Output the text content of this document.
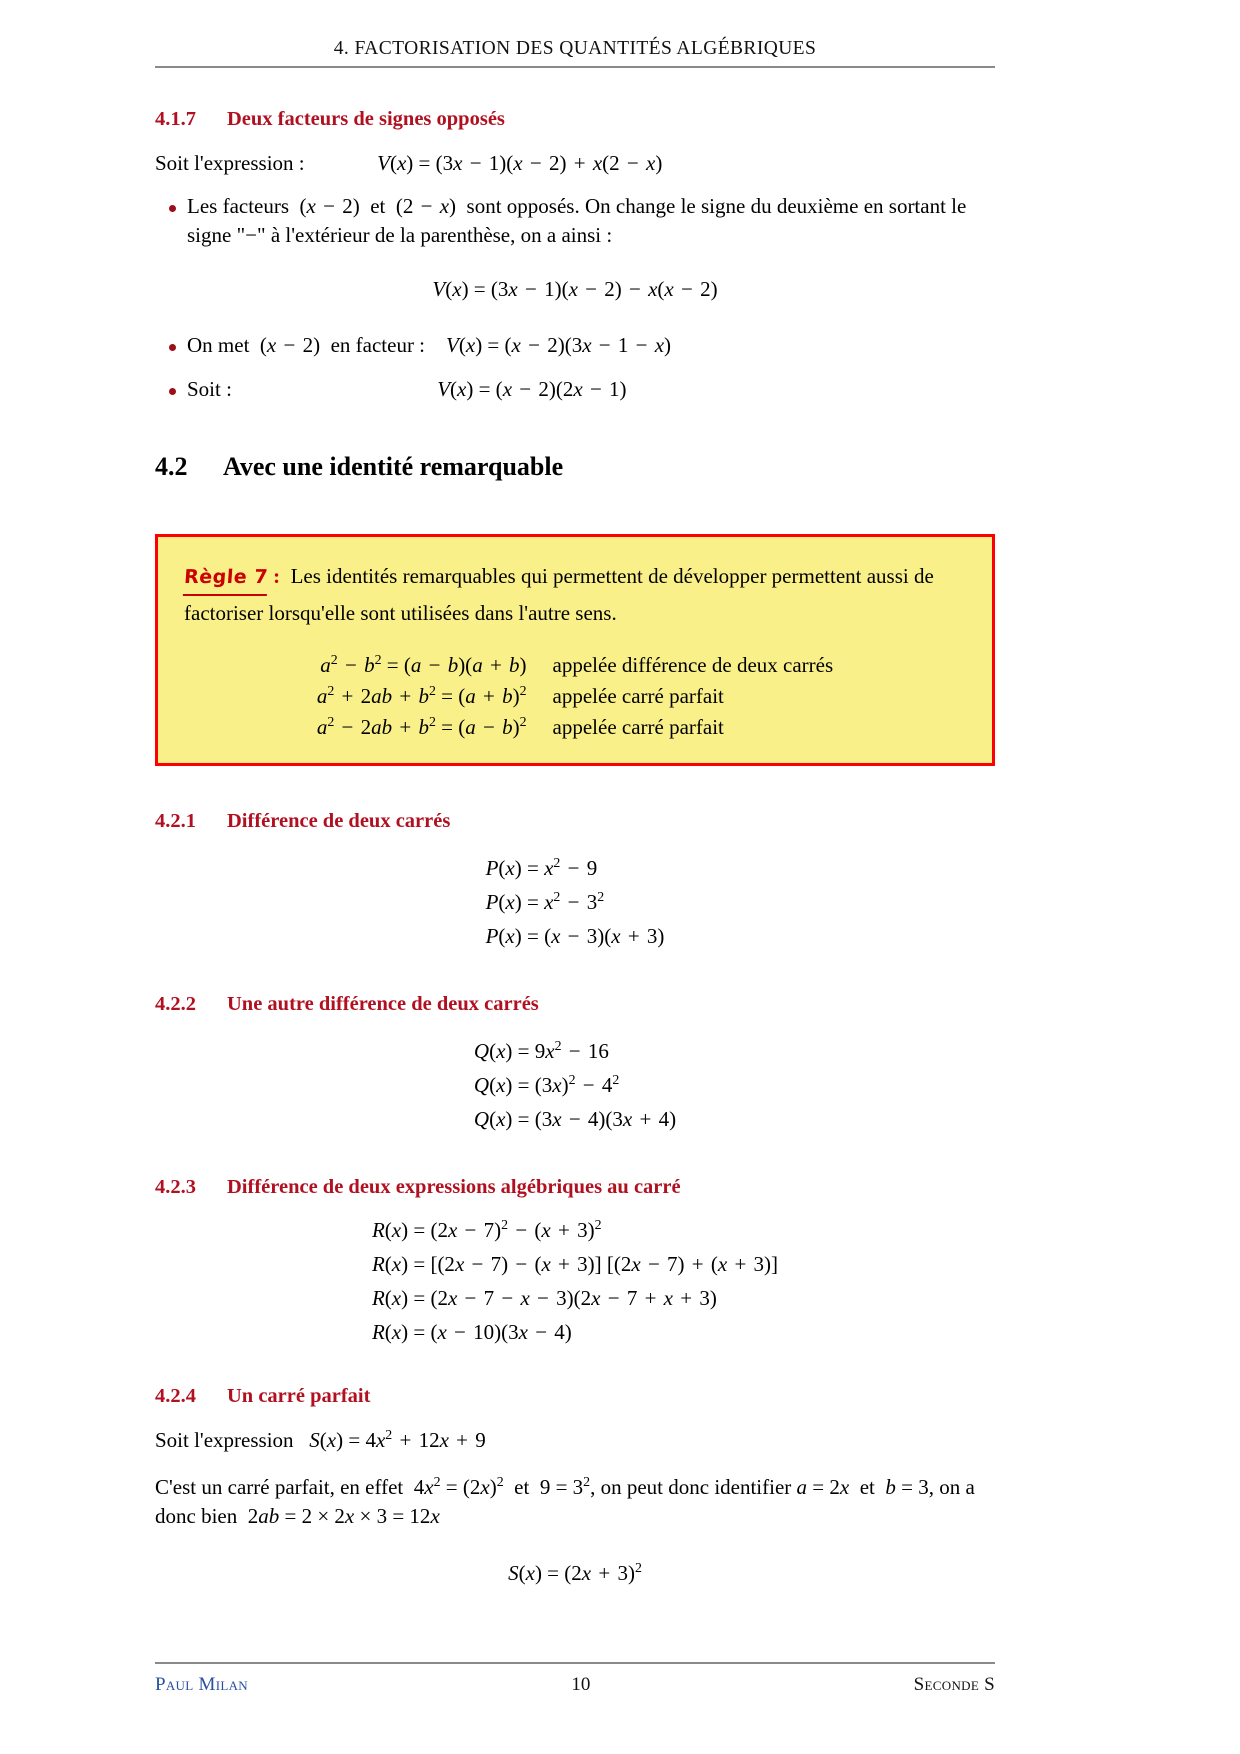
4. FACTORISATION DES QUANTITÉS ALGÉBRIQUES
4.1.7	Deux facteurs de signes opposés

Soit l'expression :	V(x) = (3x − 1)(x − 2) + x(2 − x)

Les facteurs  (x − 2)  et  (2 − x)  sont opposés. On change le signe du deuxième en sortant le signe "−" à l'extérieur de la parenthèse, on a ainsi :
V(x) = (3x − 1)(x − 2) − x(x − 2)
On met  (x − 2)  en facteur : V(x) = (x − 2)(3x − 1 − x)
Soit :	V(x) = (x − 2)(2x − 1)
4.2	Avec une identité remarquable
Règle 7 : Les identités remarquables qui permettent de développer permettent aussi de factoriser lorsqu'elle sont utilisées dans l'autre sens.
$a^2 - b^2 = (a - b)(a + b)$	appelée différence de deux carrés
$a^2 + 2ab + b^2 = (a + b)^2$	appelée carré parfait
$a^2 - 2ab + b^2 = (a - b)^2$	appelée carré parfait
4.2.1	Différence de deux carrés
$P(x) = x^2 - 9$
$P(x) = x^2 - 3^2$
P(x) = (x − 3)(x + 3)
4.2.2	Une autre différence de deux carrés
$Q(x) = 9x^2 - 16$
$Q(x) = (3x)^2 - 4^2$
Q(x) = (3x − 4)(3x + 4)
4.2.3	Différence de deux expressions algébriques au carré
$R(x) = (2x - 7)^2 - (x + 3)^2$
R(x) = [(2x − 7) − (x + 3)] [(2x − 7) + (x + 3)]
R(x) = (2x − 7 − x − 3)(2x − 7 + x + 3)
R(x) = (x − 10)(3x − 4)
4.2.4	Un carré parfait

Soit l'expression $S(x) = 4x^2 + 12x + 9$

C'est un carré parfait, en effet  $4x^2 = (2x)^2$ et  $9 = 3^2$, on peut donc identifier a = 2x et b = 3, on a donc bien  2ab = 2 × 2x × 3 = 12x

$S(x) = (2x + 3)^2$
Paul Milan	10	Seconde S
